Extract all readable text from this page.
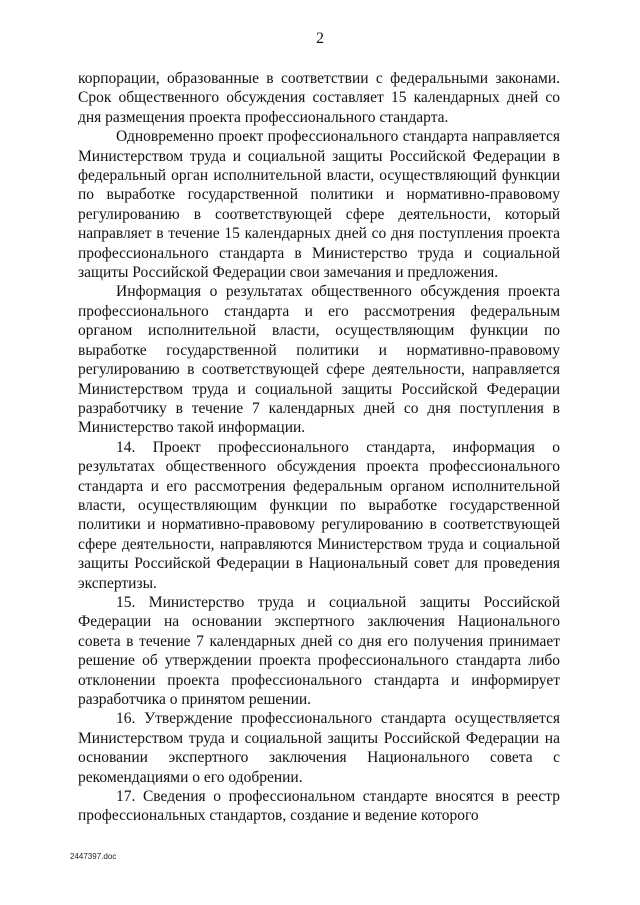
2

корпорации, образованные в соответствии с федеральными законами. Срок общественного обсуждения составляет 15 календарных дней со дня размещения проекта профессионального стандарта.

Одновременно проект профессионального стандарта направляется Министерством труда и социальной защиты Российской Федерации в федеральный орган исполнительной власти, осуществляющий функции по выработке государственной политики и нормативно-правовому регулированию в соответствующей сфере деятельности, который направляет в течение 15 календарных дней со дня поступления проекта профессионального стандарта в Министерство труда и социальной защиты Российской Федерации свои замечания и предложения.

Информация о результатах общественного обсуждения проекта профессионального стандарта и его рассмотрения федеральным органом исполнительной власти, осуществляющим функции по выработке государственной политики и нормативно-правовому регулированию в соответствующей сфере деятельности, направляется Министерством труда и социальной защиты Российской Федерации разработчику в течение 7 календарных дней со дня поступления в Министерство такой информации.

14. Проект профессионального стандарта, информация о результатах общественного обсуждения проекта профессионального стандарта и его рассмотрения федеральным органом исполнительной власти, осуществляющим функции по выработке государственной политики и нормативно-правовому регулированию в соответствующей сфере деятельности, направляются Министерством труда и социальной защиты Российской Федерации в Национальный совет для проведения экспертизы.

15. Министерство труда и социальной защиты Российской Федерации на основании экспертного заключения Национального совета в течение 7 календарных дней со дня его получения принимает решение об утверждении проекта профессионального стандарта либо отклонении проекта профессионального стандарта и информирует разработчика о принятом решении.

16. Утверждение профессионального стандарта осуществляется Министерством труда и социальной защиты Российской Федерации на основании экспертного заключения Национального совета с рекомендациями о его одобрении.

17. Сведения о профессиональном стандарте вносятся в реестр профессиональных стандартов, создание и ведение которого

2447397.doc
